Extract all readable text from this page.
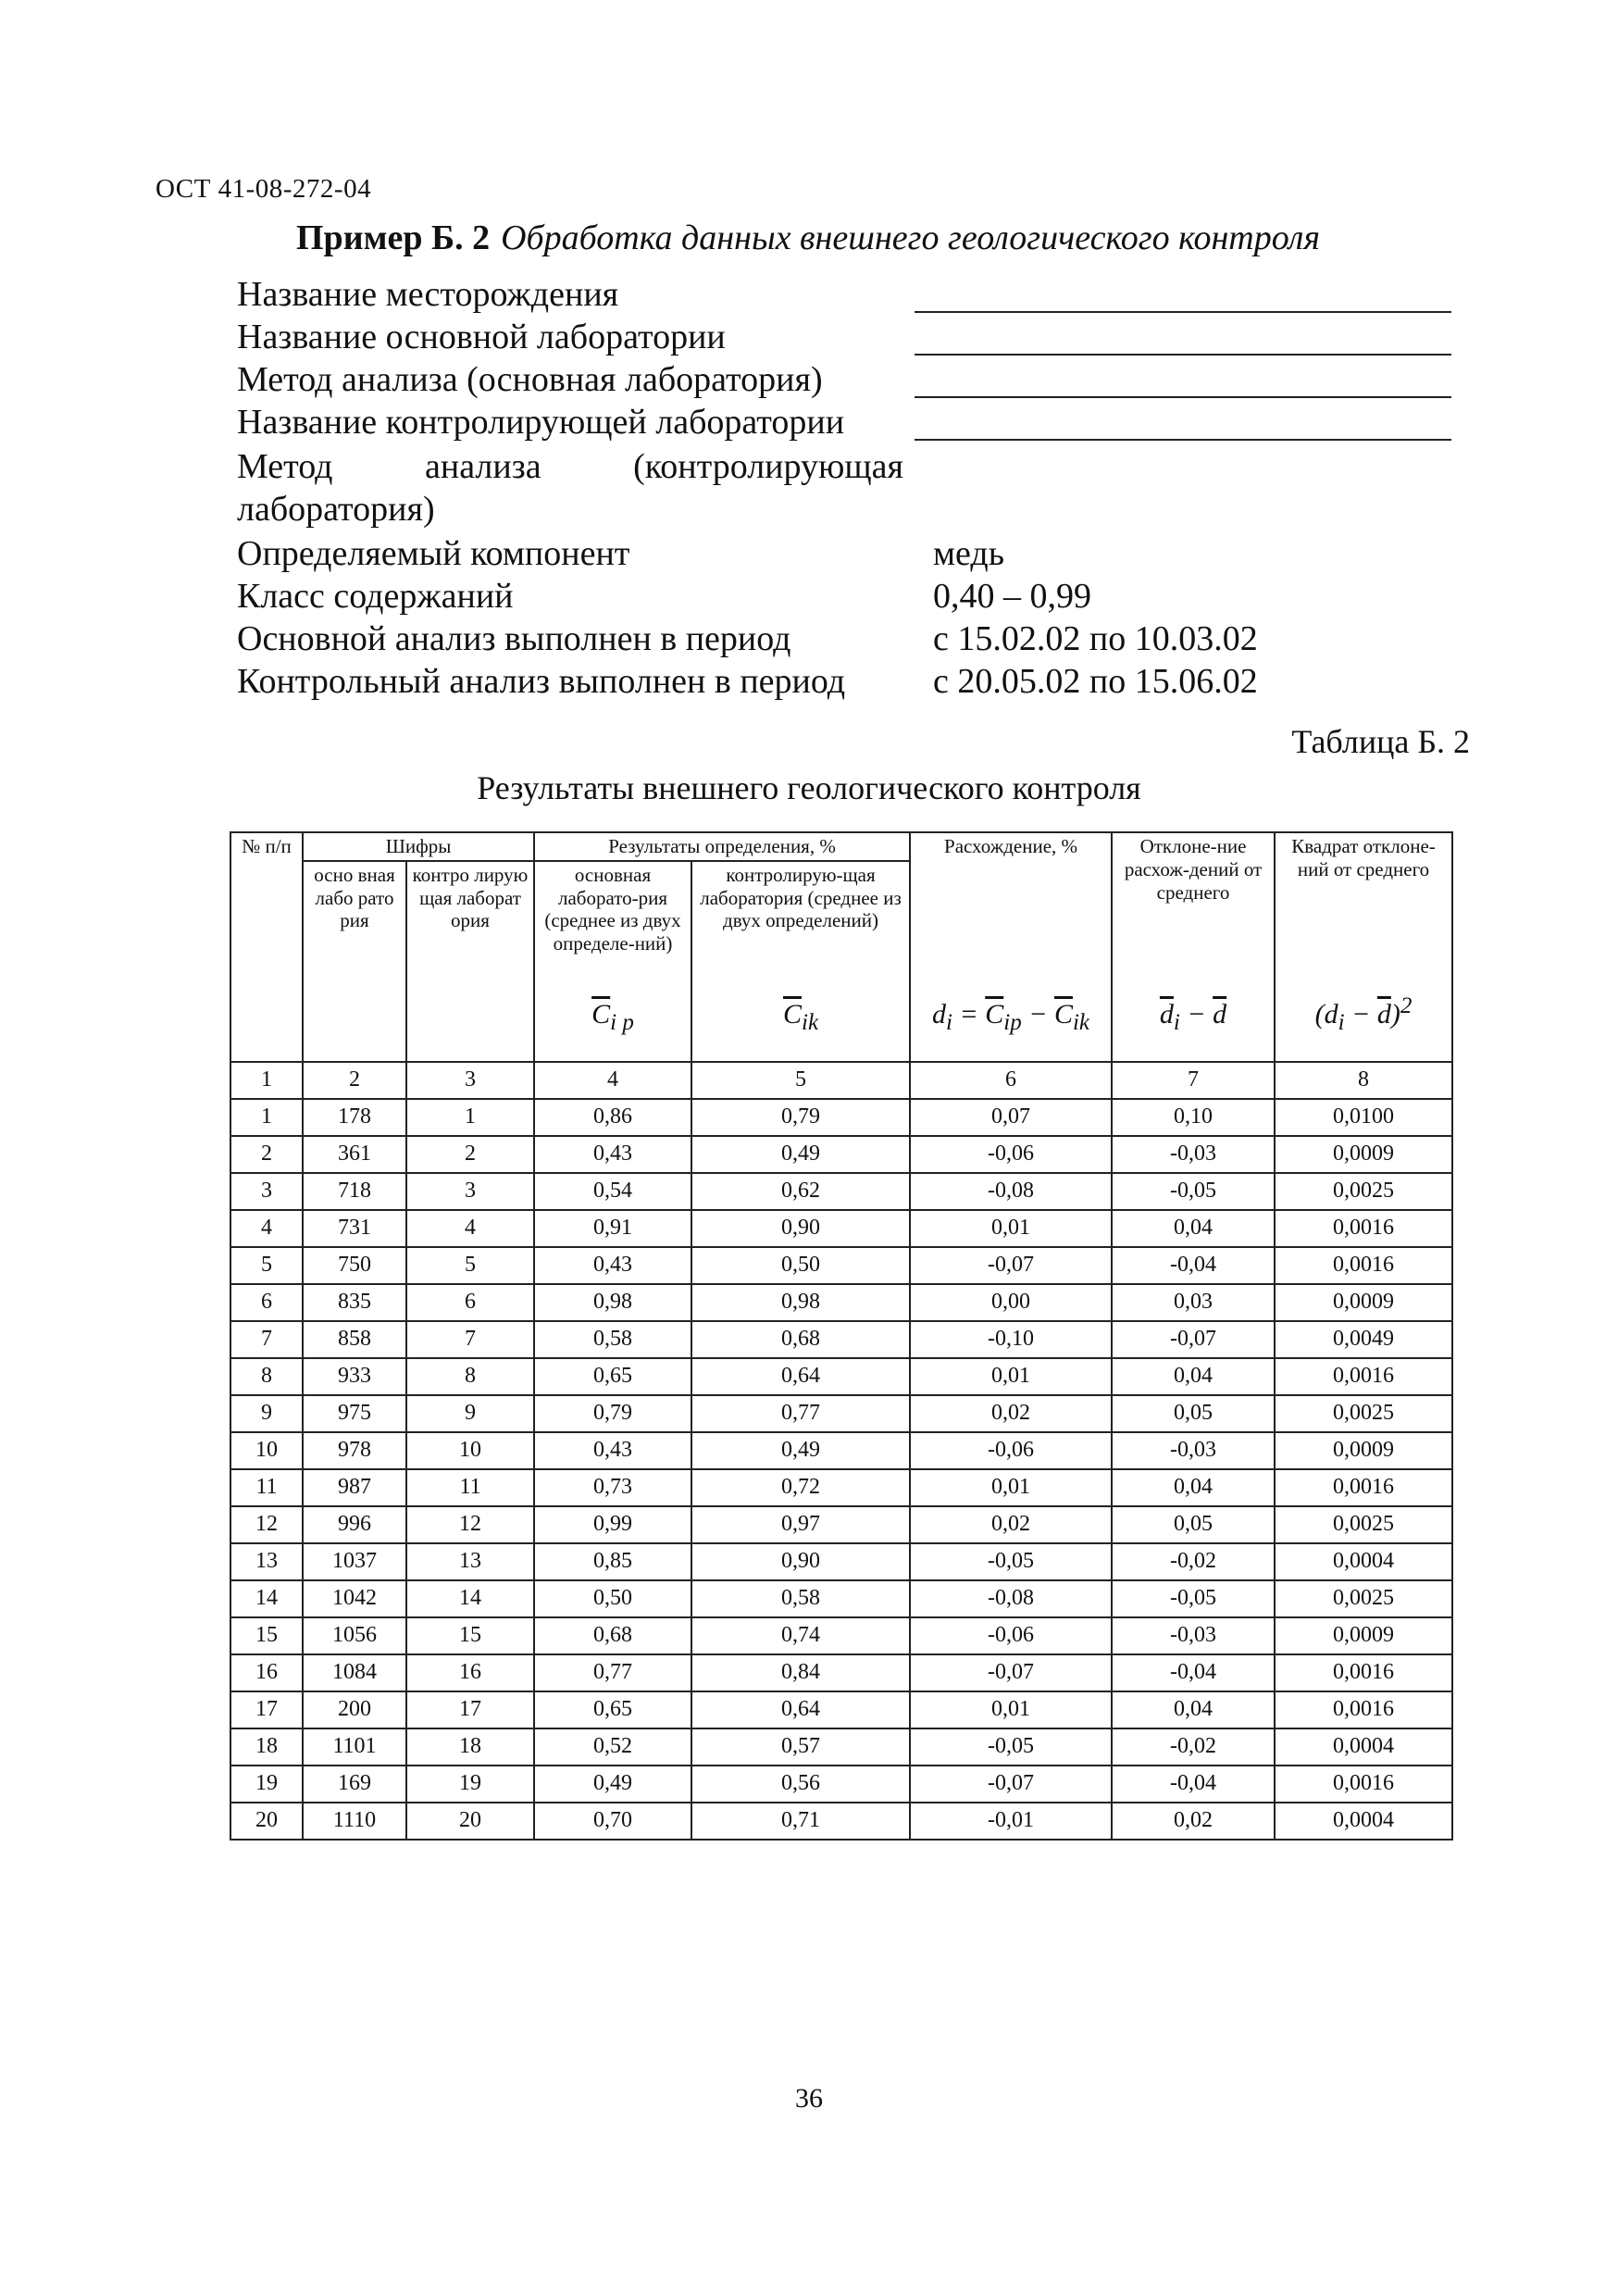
ОСТ 41-08-272-04
Пример Б. 2 Обработка данных внешнего геологического контроля
Название месторождения
Название основной лаборатории
Метод анализа (основная лаборатория)
Название контролирующей лаборатории
Метод анализа (контролирующая
лаборатория)
Определяемый компонент	медь
Класс содержаний	0,40 – 0,99
Основной анализ выполнен в период	с 15.02.02 по 10.03.02
Контрольный анализ выполнен в период с 20.05.02 по 15.06.02
Таблица Б. 2
Результаты внешнего геологического контроля
№ п/п	Шифры		Результаты определения, %		Расхождение, %	Отклоне-ние расхож-дений от среднего	Квадрат отклоне-ний от среднего
	осно вная лабо рато рия	контро лирую щая лаборат ория	основная лаборато-рия (среднее из двух определе-ний)	контролирую-щая лаборатория (среднее из двух определений)			
			$\overline{C}_{i p}$	$\overline{C}_{ik}$	$d_i = \overline{C}_{ip} - \overline{C}_{ik}$	$\overline{d}_i - \overline{d}$	$(d_i - \overline{d})^2$
1	2	3	4	5	6	7	8
1	178	1	0,86	0,79	0,07	0,10	0,0100
2	361	2	0,43	0,49	-0,06	-0,03	0,0009
3	718	3	0,54	0,62	-0,08	-0,05	0,0025
4	731	4	0,91	0,90	0,01	0,04	0,0016
5	750	5	0,43	0,50	-0,07	-0,04	0,0016
6	835	6	0,98	0,98	0,00	0,03	0,0009
7	858	7	0,58	0,68	-0,10	-0,07	0,0049
8	933	8	0,65	0,64	0,01	0,04	0,0016
9	975	9	0,79	0,77	0,02	0,05	0,0025
10	978	10	0,43	0,49	-0,06	-0,03	0,0009
11	987	11	0,73	0,72	0,01	0,04	0,0016
12	996	12	0,99	0,97	0,02	0,05	0,0025
13	1037	13	0,85	0,90	-0,05	-0,02	0,0004
14	1042	14	0,50	0,58	-0,08	-0,05	0,0025
15	1056	15	0,68	0,74	-0,06	-0,03	0,0009
16	1084	16	0,77	0,84	-0,07	-0,04	0,0016
17	200	17	0,65	0,64	0,01	0,04	0,0016
18	1101	18	0,52	0,57	-0,05	-0,02	0,0004
19	169	19	0,49	0,56	-0,07	-0,04	0,0016
20	1110	20	0,70	0,71	-0,01	0,02	0,0004
36
